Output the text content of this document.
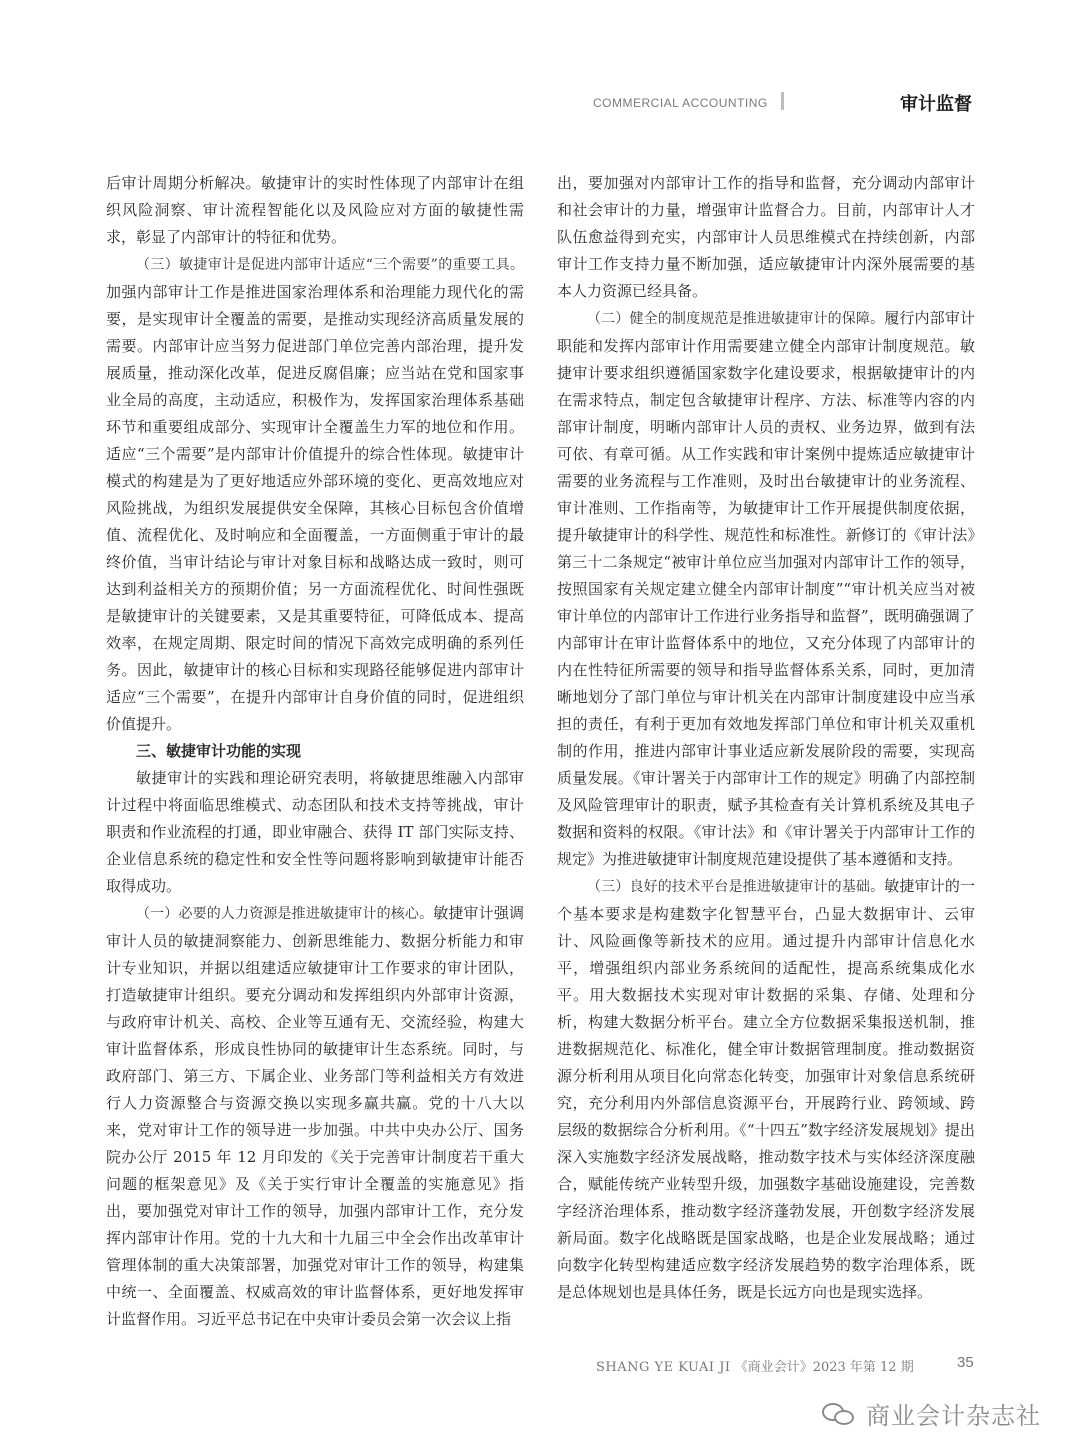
COMMERCIAL ACCOUNTING	审计监督

后审计周期分析解决。敏捷审计的实时性体现了内部审计在组织风险洞察、审计流程智能化以及风险应对方面的敏捷性需求，彰显了内部审计的特征和优势。

（三）敏捷审计是促进内部审计适应“三个需要”的重要工具。加强内部审计工作是推进国家治理体系和治理能力现代化的需要，是实现审计全覆盖的需要，是推动实现经济高质量发展的需要。内部审计应当努力促进部门单位完善内部治理，提升发展质量，推动深化改革，促进反腐倡廉；应当站在党和国家事业全局的高度，主动适应，积极作为，发挥国家治理体系基础环节和重要组成部分、实现审计全覆盖生力军的地位和作用。适应“三个需要”是内部审计价值提升的综合性体现。敏捷审计模式的构建是为了更好地适应外部环境的变化、更高效地应对风险挑战，为组织发展提供安全保障，其核心目标包含价值增值、流程优化、及时响应和全面覆盖，一方面侧重于审计的最终价值，当审计结论与审计对象目标和战略达成一致时，则可达到利益相关方的预期价值；另一方面流程优化、时间性强既是敏捷审计的关键要素，又是其重要特征，可降低成本、提高效率，在规定周期、限定时间的情况下高效完成明确的系列任务。因此，敏捷审计的核心目标和实现路径能够促进内部审计适应“三个需要”，在提升内部审计自身价值的同时，促进组织价值提升。

三、敏捷审计功能的实现

敏捷审计的实践和理论研究表明，将敏捷思维融入内部审计过程中将面临思维模式、动态团队和技术支持等挑战，审计职责和作业流程的打通，即业审融合、获得 IT 部门实际支持、企业信息系统的稳定性和安全性等问题将影响到敏捷审计能否取得成功。

（一）必要的人力资源是推进敏捷审计的核心。敏捷审计强调审计人员的敏捷洞察能力、创新思维能力、数据分析能力和审计专业知识，并据以组建适应敏捷审计工作要求的审计团队，打造敏捷审计组织。要充分调动和发挥组织内外部审计资源，与政府审计机关、高校、企业等互通有无、交流经验，构建大审计监督体系，形成良性协同的敏捷审计生态系统。同时，与政府部门、第三方、下属企业、业务部门等利益相关方有效进行人力资源整合与资源交换以实现多赢共赢。党的十八大以来，党对审计工作的领导进一步加强。中共中央办公厅、国务院办公厅 2015 年 12 月印发的《关于完善审计制度若干重大问题的框架意见》及《关于实行审计全覆盖的实施意见》指出，要加强党对审计工作的领导，加强内部审计工作，充分发挥内部审计作用。党的十九大和十九届三中全会作出改革审计管理体制的重大决策部署，加强党对审计工作的领导，构建集中统一、全面覆盖、权威高效的审计监督体系，更好地发挥审计监督作用。习近平总书记在中央审计委员会第一次会议上指

出，要加强对内部审计工作的指导和监督，充分调动内部审计和社会审计的力量，增强审计监督合力。目前，内部审计人才队伍愈益得到充实，内部审计人员思维模式在持续创新，内部审计工作支持力量不断加强，适应敏捷审计内深外展需要的基本人力资源已经具备。

（二）健全的制度规范是推进敏捷审计的保障。履行内部审计职能和发挥内部审计作用需要建立健全内部审计制度规范。敏捷审计要求组织遵循国家数字化建设要求，根据敏捷审计的内在需求特点，制定包含敏捷审计程序、方法、标准等内容的内部审计制度，明晰内部审计人员的责权、业务边界，做到有法可依、有章可循。从工作实践和审计案例中提炼适应敏捷审计需要的业务流程与工作准则，及时出台敏捷审计的业务流程、审计准则、工作指南等，为敏捷审计工作开展提供制度依据，提升敏捷审计的科学性、规范性和标准性。新修订的《审计法》第三十二条规定“被审计单位应当加强对内部审计工作的领导，按照国家有关规定建立健全内部审计制度”“审计机关应当对被审计单位的内部审计工作进行业务指导和监督”，既明确强调了内部审计在审计监督体系中的地位，又充分体现了内部审计的内在性特征所需要的领导和指导监督体系关系，同时，更加清晰地划分了部门单位与审计机关在内部审计制度建设中应当承担的责任，有利于更加有效地发挥部门单位和审计机关双重机制的作用，推进内部审计事业适应新发展阶段的需要，实现高质量发展。《审计署关于内部审计工作的规定》明确了内部控制及风险管理审计的职责，赋予其检查有关计算机系统及其电子数据和资料的权限。《审计法》和《审计署关于内部审计工作的规定》为推进敏捷审计制度规范建设提供了基本遵循和支持。

（三）良好的技术平台是推进敏捷审计的基础。敏捷审计的一个基本要求是构建数字化智慧平台，凸显大数据审计、云审计、风险画像等新技术的应用。通过提升内部审计信息化水平，增强组织内部业务系统间的适配性，提高系统集成化水平。用大数据技术实现对审计数据的采集、存储、处理和分析，构建大数据分析平台。建立全方位数据采集报送机制，推进数据规范化、标准化，健全审计数据管理制度。推动数据资源分析利用从项目化向常态化转变，加强审计对象信息系统研究，充分利用内外部信息资源平台，开展跨行业、跨领域、跨层级的数据综合分析利用。《“十四五”数字经济发展规划》提出深入实施数字经济发展战略，推动数字技术与实体经济深度融合，赋能传统产业转型升级，加强数字基础设施建设，完善数字经济治理体系，推动数字经济蓬勃发展，开创数字经济发展新局面。数字化战略既是国家战略，也是企业发展战略；通过向数字化转型构建适应数字经济发展趋势的数字治理体系，既是总体规划也是具体任务，既是长远方向也是现实选择。

SHANG YE KUAI JI 《商业会计》2023 年第 12 期	35
商业会计杂志社
